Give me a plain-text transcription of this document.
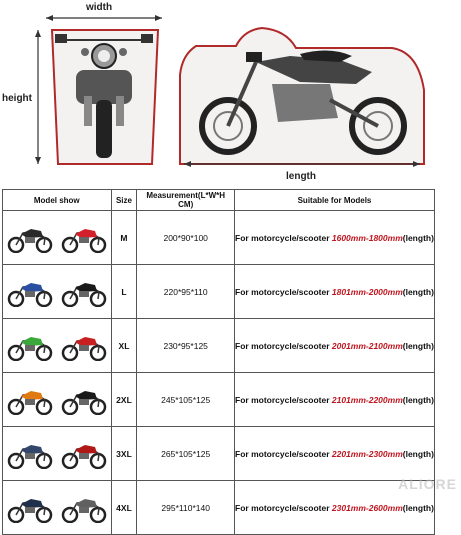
width
height
length
Model show	Size	Measurement(L*W*H CM)	Suitable for Models

	M	200*90*100	For motorcycle/scooter 1600mm-1800mm(length)

	L	220*95*110	For motorcycle/scooter 1801mm-2000mm(length)

	XL	230*95*125	For motorcycle/scooter 2001mm-2100mm(length)

	2XL	245*105*125	For motorcycle/scooter 2101mm-2200mm(length)

	3XL	265*105*125	For motorcycle/scooter 2201mm-2300mm(length)

	4XL	295*110*140	For motorcycle/scooter 2301mm-2600mm(length)
ALIORE
